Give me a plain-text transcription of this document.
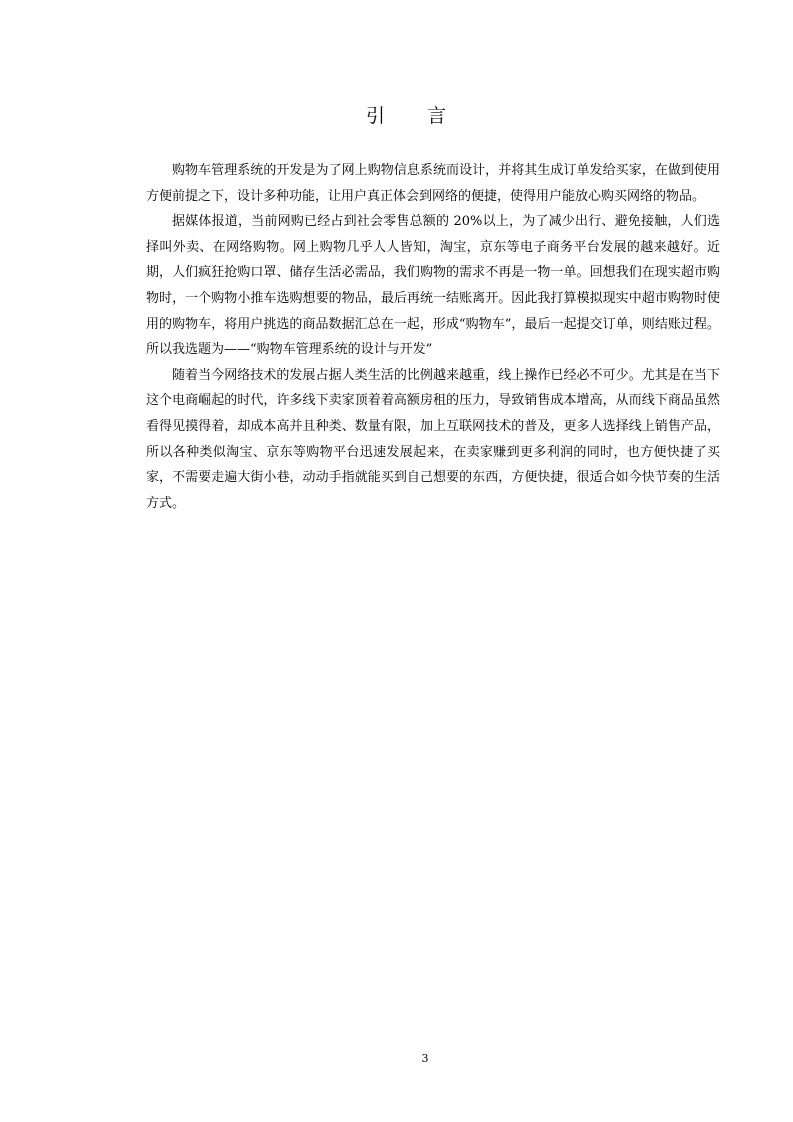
引 言

购物车管理系统的开发是为了网上购物信息系统而设计，并将其生成订单发给买家，在做到使用方便前提之下，设计多种功能，让用户真正体会到网络的便捷，使得用户能放心购买网络的物品。

据媒体报道，当前网购已经占到社会零售总额的 20%以上，为了减少出行、避免接触，人们选择叫外卖、在网络购物。网上购物几乎人人皆知，淘宝，京东等电子商务平台发展的越来越好。近期，人们疯狂抢购口罩、储存生活必需品，我们购物的需求不再是一物一单。回想我们在现实超市购物时，一个购物小推车选购想要的物品，最后再统一结账离开。因此我打算模拟现实中超市购物时使用的购物车，将用户挑选的商品数据汇总在一起，形成“购物车”，最后一起提交订单，则结账过程。所以我选题为——“购物车管理系统的设计与开发”

随着当今网络技术的发展占据人类生活的比例越来越重，线上操作已经必不可少。尤其是在当下这个电商崛起的时代，许多线下卖家顶着着高额房租的压力，导致销售成本增高，从而线下商品虽然看得见摸得着，却成本高并且种类、数量有限，加上互联网技术的普及，更多人选择线上销售产品，所以各种类似淘宝、京东等购物平台迅速发展起来，在卖家赚到更多利润的同时，也方便快捷了买家，不需要走遍大街小巷，动动手指就能买到自己想要的东西，方便快捷，很适合如今快节奏的生活方式。

3
